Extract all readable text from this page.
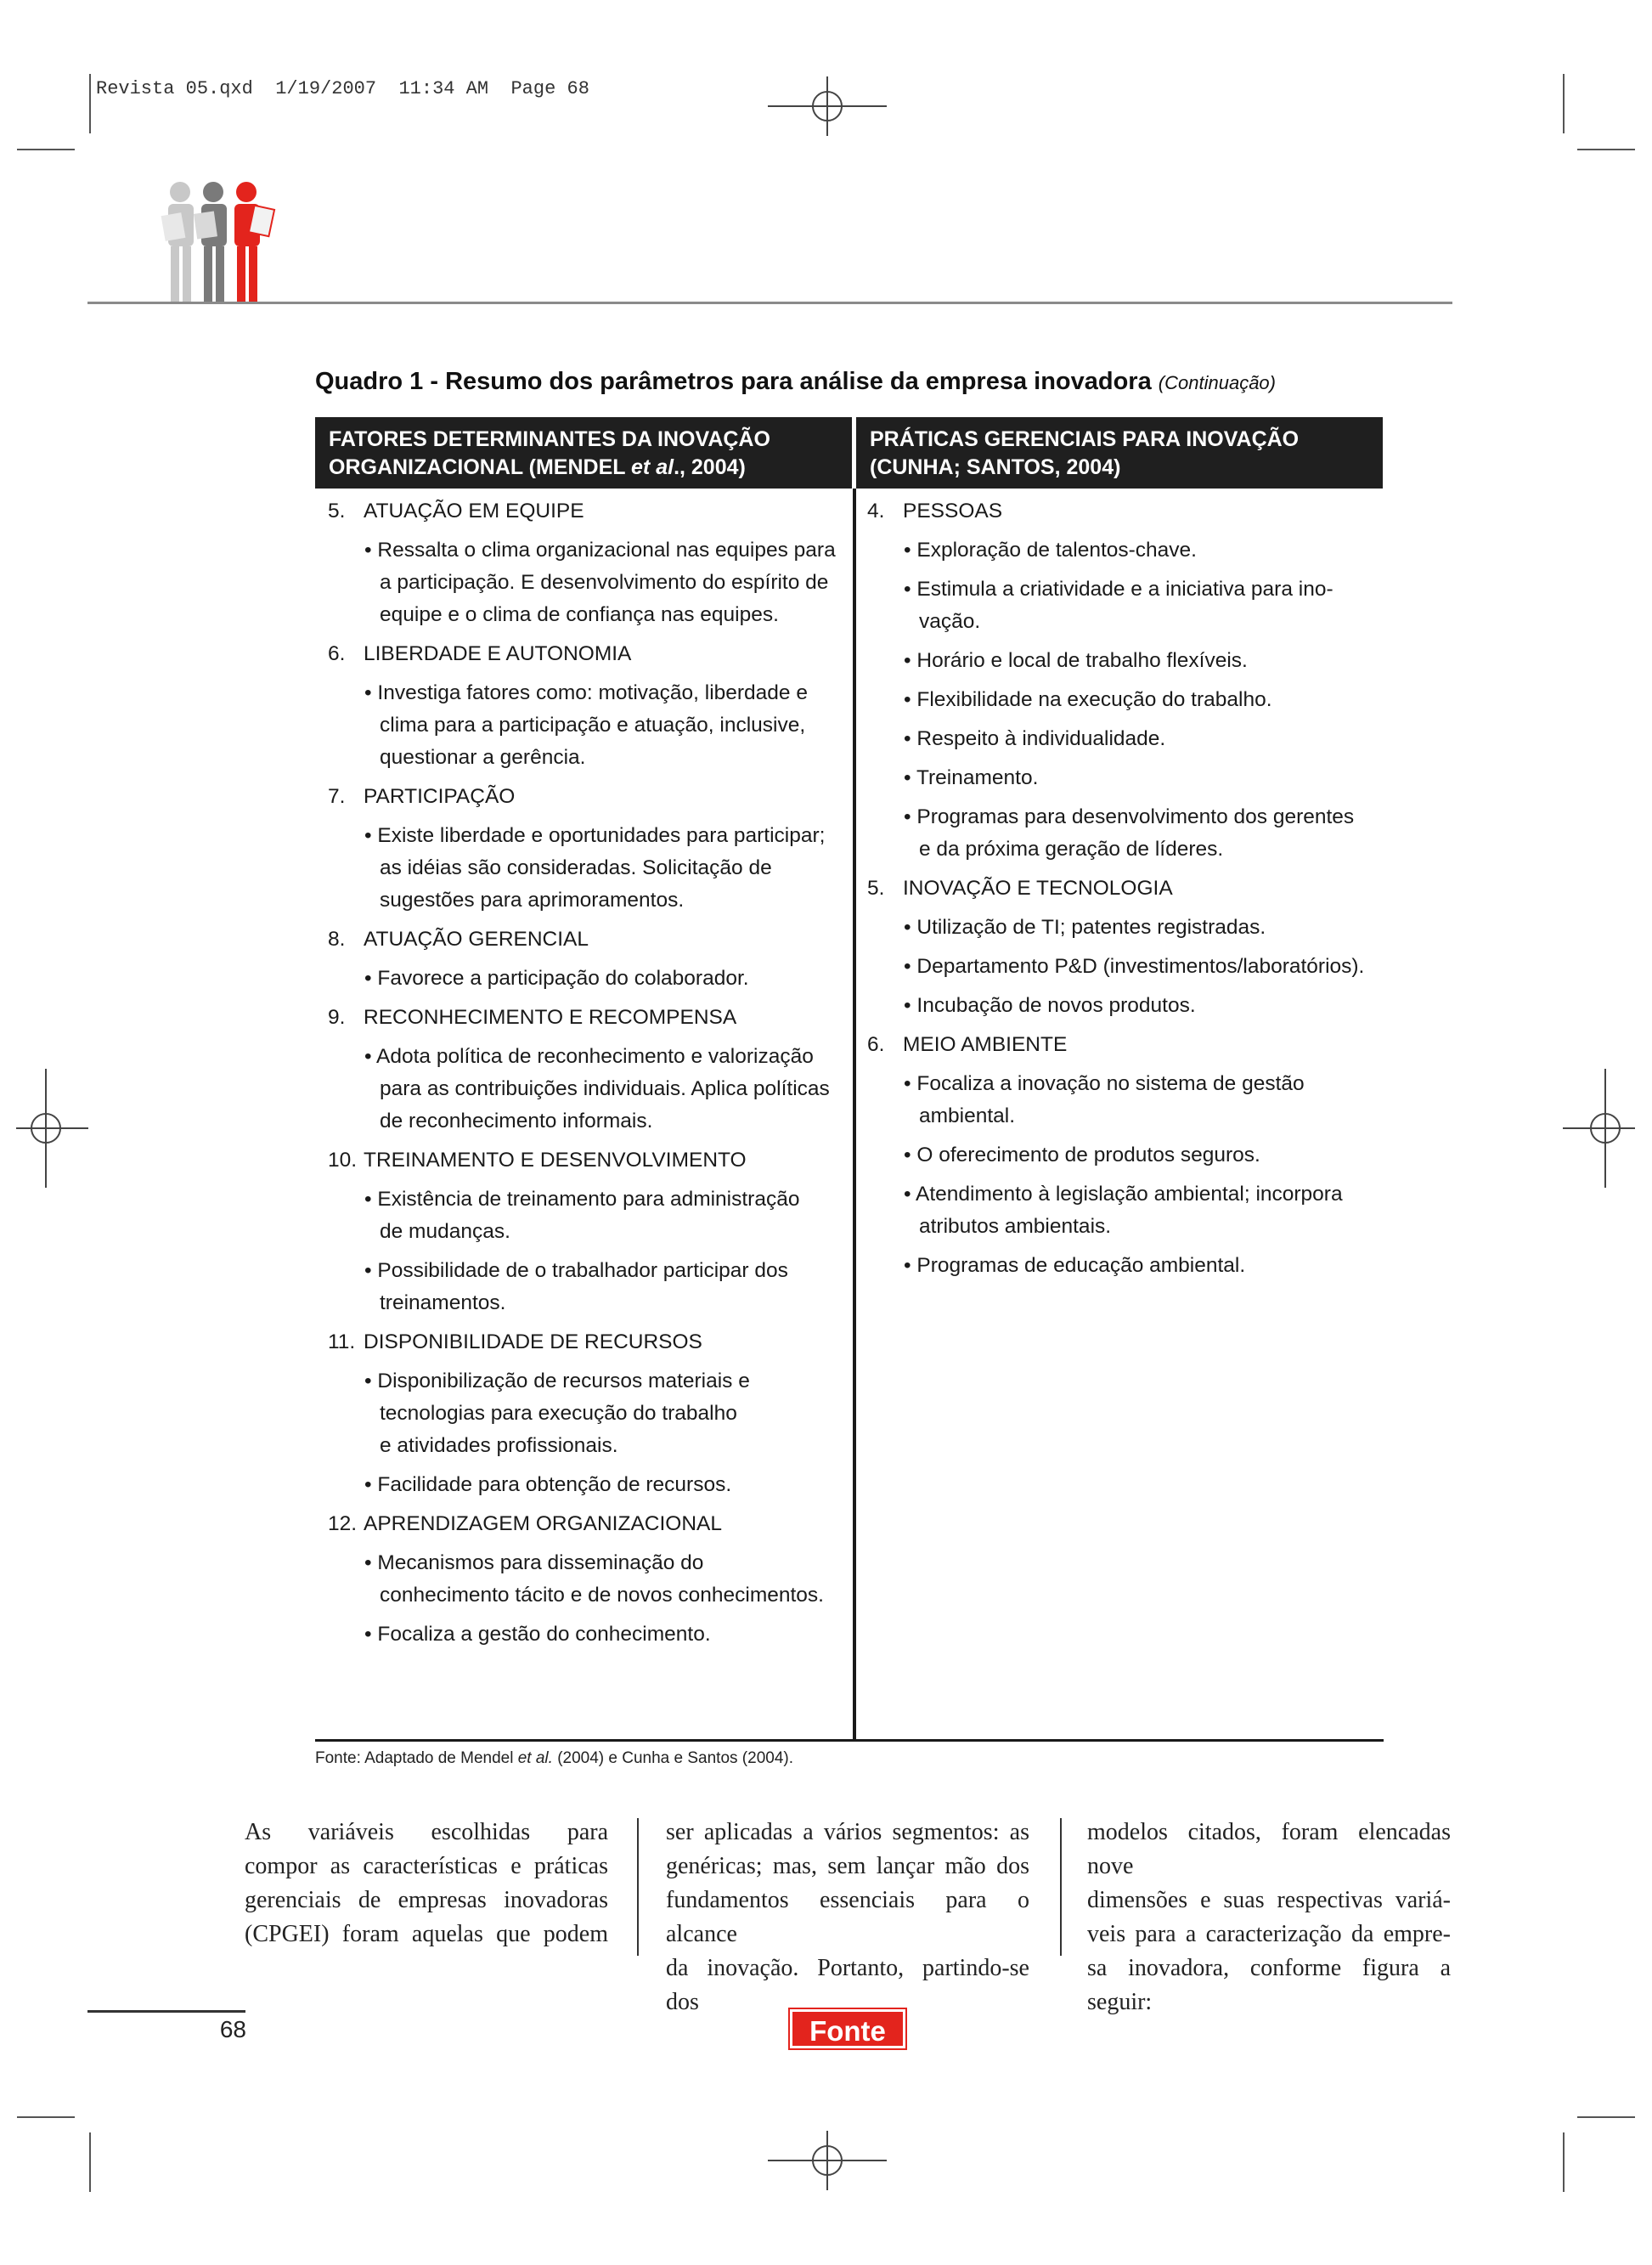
Revista 05.qxd  1/19/2007  11:34 AM  Page 68
Quadro 1 - Resumo dos parâmetros para análise da empresa inovadora (Continuação)
FATORES DETERMINANTES DA INOVAÇÃO
ORGANIZACIONAL (MENDEL et al., 2004)
PRÁTICAS GERENCIAIS PARA INOVAÇÃO
(CUNHA; SANTOS, 2004)
5. ATUAÇÃO EM EQUIPE
• Ressalta o clima organizacional nas equipes para
a participação. E desenvolvimento do espírito de
equipe e o clima de confiança nas equipes.
6. LIBERDADE E AUTONOMIA
• Investiga fatores como: motivação, liberdade e
clima para a participação e atuação, inclusive,
questionar a gerência.
7. PARTICIPAÇÃO
• Existe liberdade e oportunidades para participar;
as idéias são consideradas. Solicitação de
sugestões para aprimoramentos.
8. ATUAÇÃO GERENCIAL
• Favorece a participação do colaborador.
9. RECONHECIMENTO E RECOMPENSA
• Adota política de reconhecimento e valorização
para as contribuições individuais. Aplica políticas
de reconhecimento informais.
10. TREINAMENTO E DESENVOLVIMENTO
• Existência de treinamento para administração
de mudanças.
• Possibilidade de o trabalhador participar dos
treinamentos.
11. DISPONIBILIDADE DE RECURSOS
• Disponibilização de recursos materiais e
tecnologias para execução do trabalho
e atividades profissionais.
• Facilidade para obtenção de recursos.
12. APRENDIZAGEM ORGANIZACIONAL
• Mecanismos para disseminação do
conhecimento tácito e de novos conhecimentos.
• Focaliza a gestão do conhecimento.
4. PESSOAS
• Exploração de talentos-chave.
• Estimula a criatividade e a iniciativa para ino-
vação.
• Horário e local de trabalho flexíveis.
• Flexibilidade na execução do trabalho.
• Respeito à individualidade.
• Treinamento.
• Programas para desenvolvimento dos gerentes
e da próxima geração de líderes.
5. INOVAÇÃO E TECNOLOGIA
• Utilização de TI; patentes registradas.
• Departamento P&D (investimentos/laboratórios).
• Incubação de novos produtos.
6. MEIO AMBIENTE
• Focaliza a inovação no sistema de gestão
ambiental.
• O oferecimento de produtos seguros.
• Atendimento à legislação ambiental; incorpora
atributos ambientais.
• Programas de educação ambiental.
Fonte: Adaptado de Mendel et al. (2004) e Cunha e Santos (2004).
As variáveis escolhidas para
compor as características e práticas
gerenciais de empresas inovadoras
(CPGEI) foram aquelas que podem
ser aplicadas a vários segmentos: as
genéricas; mas, sem lançar mão dos
fundamentos essenciais para o alcance
da inovação. Portanto, partindo-se dos
modelos citados, foram elencadas nove
dimensões e suas respectivas variá-
veis para a caracterização da empre-
sa inovadora, conforme figura a seguir:
68	Fonte
